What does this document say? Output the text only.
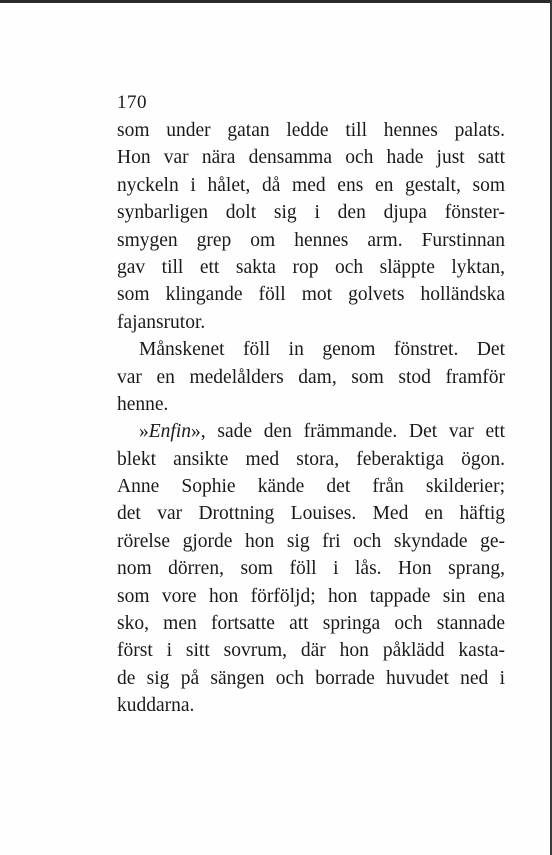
170
som under gatan ledde till hennes palats.
Hon var nära densamma och hade just satt
nyckeln i hålet, då med ens en gestalt, som
synbarligen dolt sig i den djupa fönster-
smygen grep om hennes arm. Furstinnan
gav till ett sakta rop och släppte lyktan,
som klingande föll mot golvets holländska
fajansrutor.
Månskenet föll in genom fönstret. Det
var en medelålders dam, som stod framför
henne.
»Enfin», sade den främmande. Det var ett
blekt ansikte med stora, feberaktiga ögon.
Anne Sophie kände det från skilderier;
det var Drottning Louises. Med en häftig
rörelse gjorde hon sig fri och skyndade ge-
nom dörren, som föll i lås. Hon sprang,
som vore hon förföljd; hon tappade sin ena
sko, men fortsatte att springa och stannade
först i sitt sovrum, där hon påklädd kasta-
de sig på sängen och borrade huvudet ned i
kuddarna.
